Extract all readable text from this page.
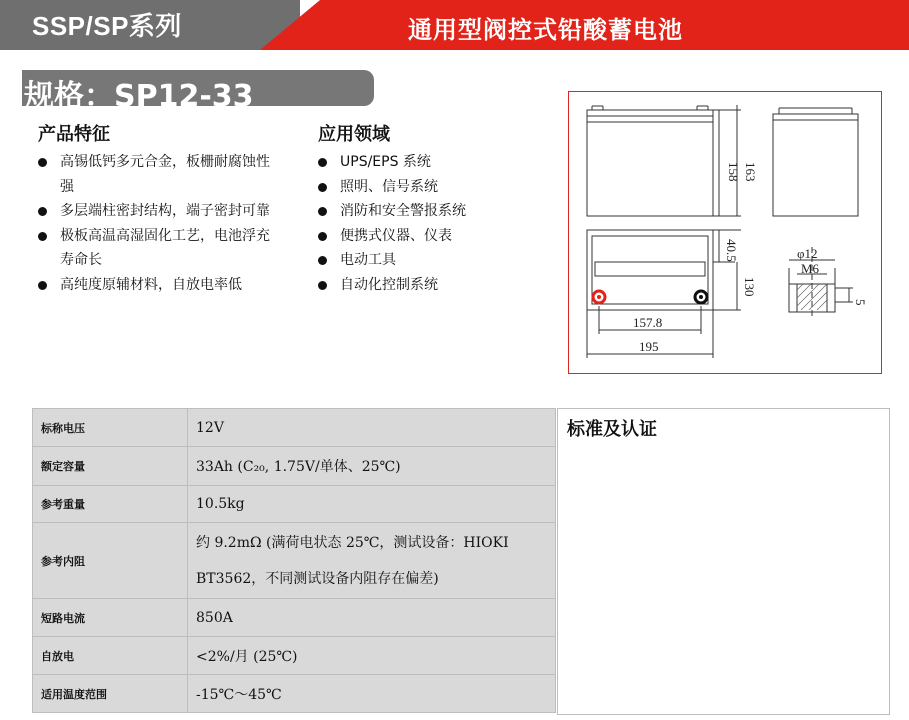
SSP/SP系列	通用型阀控式铅酸蓄电池
规格：SP12-33
产品特征
高锡低钙多元合金，板栅耐腐蚀性强
多层端柱密封结构，端子密封可靠
极板高温高湿固化工艺，电池浮充寿命长
高纯度原辅材料，自放电率低
应用领域
UPS/EPS 系统
照明、信号系统
消防和安全警报系统
便携式仪器、仪表
电动工具
自动化控制系统
158 163
40.5
130
157.8
195
φ12
M6
5
标称电压	12V
额定容量	33Ah (C₂₀, 1.75V/单体、25℃)
参考重量	10.5kg
参考内阻	约 9.2mΩ (满荷电状态 25℃，测试设备：HIOKI BT3562，不同测试设备内阻存在偏差)
短路电流	850A
自放电	<2%/月 (25℃)
适用温度范围	-15℃～45℃
标准及认证
